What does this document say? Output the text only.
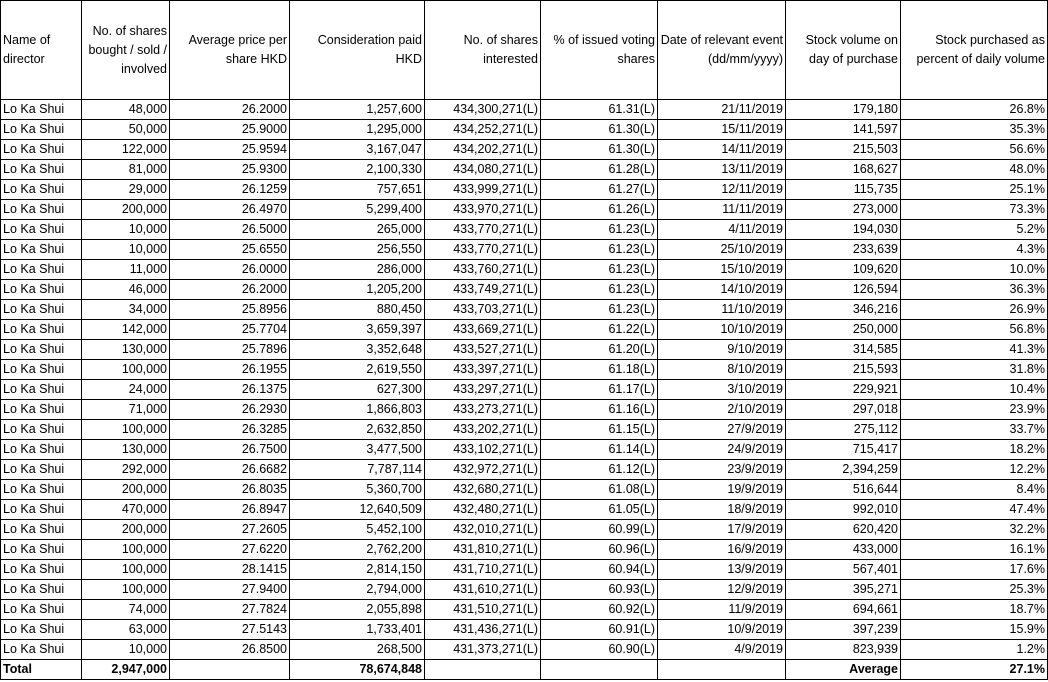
Name of director	No. of shares bought / sold / involved	Average price per share HKD	Consideration paid HKD	No. of shares interested	% of issued voting shares	Date of relevant event (dd/mm/yyyy)	Stock volume on day of purchase	Stock purchased as percent of daily volume
Lo Ka Shui	48,000	26.2000	1,257,600	434,300,271(L)	61.31(L)	21/11/2019	179,180	26.8%
Lo Ka Shui	50,000	25.9000	1,295,000	434,252,271(L)	61.30(L)	15/11/2019	141,597	35.3%
Lo Ka Shui	122,000	25.9594	3,167,047	434,202,271(L)	61.30(L)	14/11/2019	215,503	56.6%
Lo Ka Shui	81,000	25.9300	2,100,330	434,080,271(L)	61.28(L)	13/11/2019	168,627	48.0%
Lo Ka Shui	29,000	26.1259	757,651	433,999,271(L)	61.27(L)	12/11/2019	115,735	25.1%
Lo Ka Shui	200,000	26.4970	5,299,400	433,970,271(L)	61.26(L)	11/11/2019	273,000	73.3%
Lo Ka Shui	10,000	26.5000	265,000	433,770,271(L)	61.23(L)	4/11/2019	194,030	5.2%
Lo Ka Shui	10,000	25.6550	256,550	433,770,271(L)	61.23(L)	25/10/2019	233,639	4.3%
Lo Ka Shui	11,000	26.0000	286,000	433,760,271(L)	61.23(L)	15/10/2019	109,620	10.0%
Lo Ka Shui	46,000	26.2000	1,205,200	433,749,271(L)	61.23(L)	14/10/2019	126,594	36.3%
Lo Ka Shui	34,000	25.8956	880,450	433,703,271(L)	61.23(L)	11/10/2019	346,216	26.9%
Lo Ka Shui	142,000	25.7704	3,659,397	433,669,271(L)	61.22(L)	10/10/2019	250,000	56.8%
Lo Ka Shui	130,000	25.7896	3,352,648	433,527,271(L)	61.20(L)	9/10/2019	314,585	41.3%
Lo Ka Shui	100,000	26.1955	2,619,550	433,397,271(L)	61.18(L)	8/10/2019	215,593	31.8%
Lo Ka Shui	24,000	26.1375	627,300	433,297,271(L)	61.17(L)	3/10/2019	229,921	10.4%
Lo Ka Shui	71,000	26.2930	1,866,803	433,273,271(L)	61.16(L)	2/10/2019	297,018	23.9%
Lo Ka Shui	100,000	26.3285	2,632,850	433,202,271(L)	61.15(L)	27/9/2019	275,112	33.7%
Lo Ka Shui	130,000	26.7500	3,477,500	433,102,271(L)	61.14(L)	24/9/2019	715,417	18.2%
Lo Ka Shui	292,000	26.6682	7,787,114	432,972,271(L)	61.12(L)	23/9/2019	2,394,259	12.2%
Lo Ka Shui	200,000	26.8035	5,360,700	432,680,271(L)	61.08(L)	19/9/2019	516,644	8.4%
Lo Ka Shui	470,000	26.8947	12,640,509	432,480,271(L)	61.05(L)	18/9/2019	992,010	47.4%
Lo Ka Shui	200,000	27.2605	5,452,100	432,010,271(L)	60.99(L)	17/9/2019	620,420	32.2%
Lo Ka Shui	100,000	27.6220	2,762,200	431,810,271(L)	60.96(L)	16/9/2019	433,000	16.1%
Lo Ka Shui	100,000	28.1415	2,814,150	431,710,271(L)	60.94(L)	13/9/2019	567,401	17.6%
Lo Ka Shui	100,000	27.9400	2,794,000	431,610,271(L)	60.93(L)	12/9/2019	395,271	25.3%
Lo Ka Shui	74,000	27.7824	2,055,898	431,510,271(L)	60.92(L)	11/9/2019	694,661	18.7%
Lo Ka Shui	63,000	27.5143	1,733,401	431,436,271(L)	60.91(L)	10/9/2019	397,239	15.9%
Lo Ka Shui	10,000	26.8500	268,500	431,373,271(L)	60.90(L)	4/9/2019	823,939	1.2%
Total	2,947,000		78,674,848				Average	27.1%
